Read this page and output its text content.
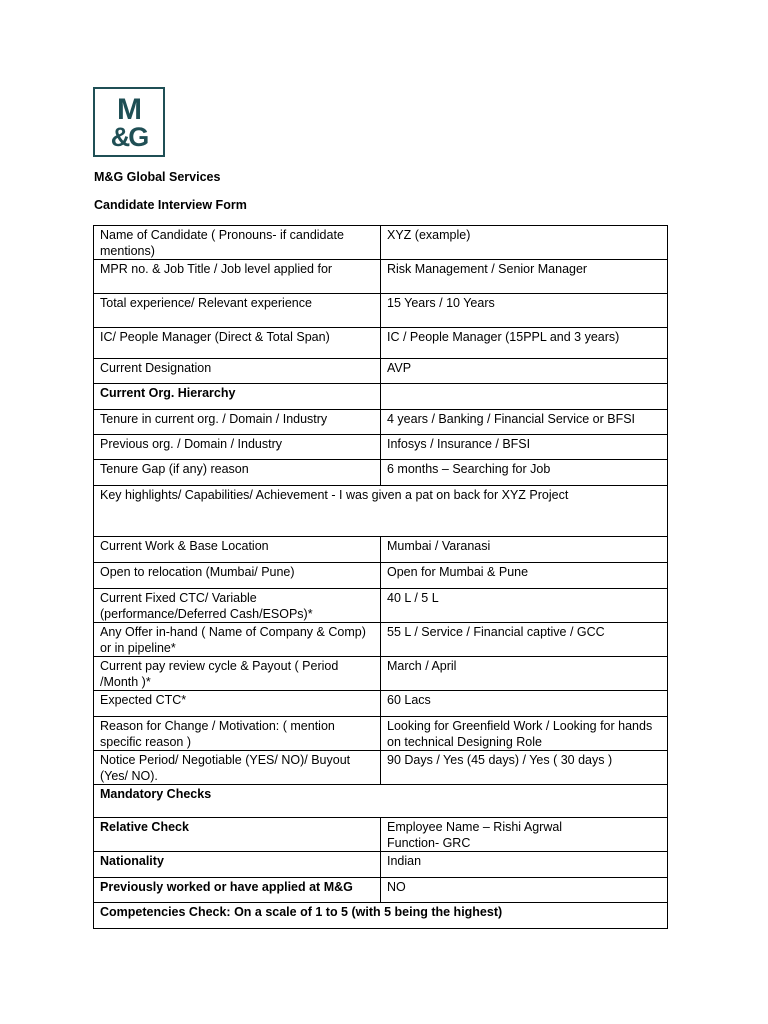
M
&G
M&G Global Services
Candidate Interview Form
Name of Candidate ( Pronouns- if candidate mentions)	XYZ (example)
MPR no. & Job Title / Job level applied for	Risk Management / Senior Manager
Total experience/ Relevant experience	15 Years / 10 Years
IC/ People Manager (Direct & Total Span)	IC / People Manager (15PPL and 3 years)
Current Designation	AVP
Current Org. Hierarchy	
Tenure in current org. / Domain / Industry	4 years / Banking / Financial Service or BFSI
Previous org. / Domain / Industry	Infosys / Insurance / BFSI
Tenure Gap (if any) reason	6 months – Searching for Job
Key highlights/ Capabilities/ Achievement - I was given a pat on back for XYZ Project	
Current Work & Base Location	Mumbai / Varanasi
Open to relocation (Mumbai/ Pune)	Open for Mumbai & Pune
Current Fixed CTC/ Variable (performance/Deferred Cash/ESOPs)*	40 L / 5 L
Any Offer in-hand ( Name of Company & Comp) or in pipeline*	55 L / Service / Financial captive / GCC
Current pay review cycle & Payout ( Period /Month )*	March / April
Expected CTC*	60 Lacs
Reason for Change / Motivation: ( mention specific reason )	Looking for Greenfield Work / Looking for hands on technical Designing Role
Notice Period/ Negotiable (YES/ NO)/ Buyout (Yes/ NO).	90 Days / Yes (45 days) / Yes ( 30 days )
Mandatory Checks	
Relative Check	Employee Name – Rishi Agrwal
Function- GRC

Nationality	Indian
Previously worked or have applied at M&G	NO
Competencies Check: On a scale of 1 to 5 (with 5 being the highest)	
